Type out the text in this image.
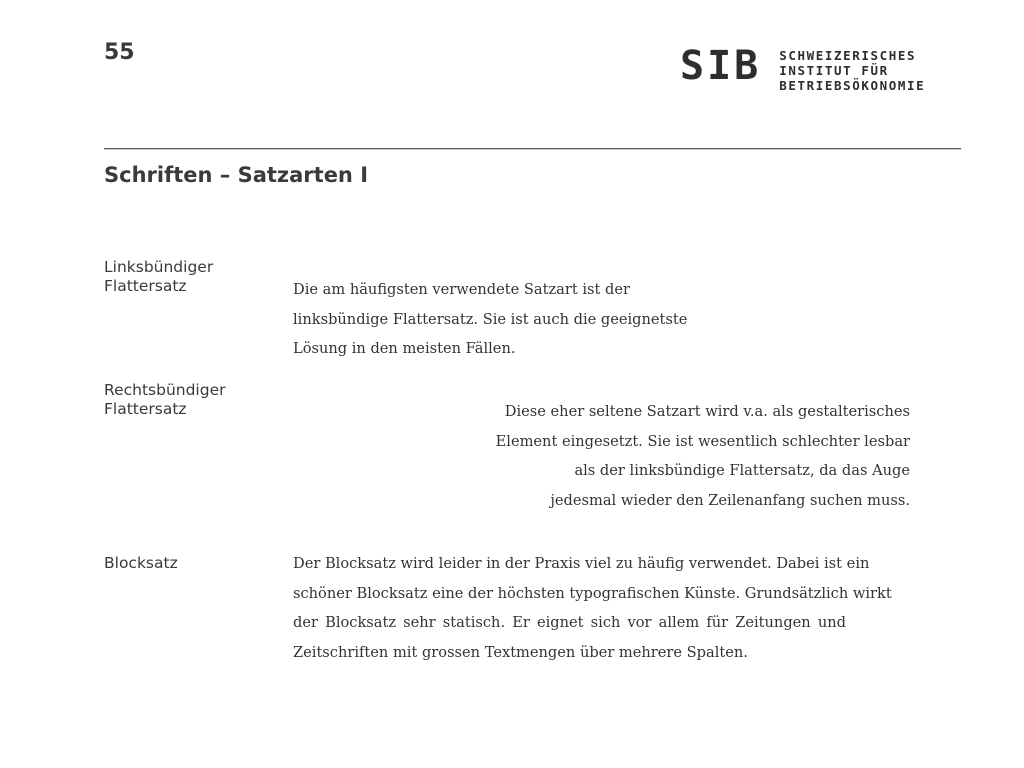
55	SIB SCHWEIZERISCHES
INSTITUT FÜR
BETRIEBSÖKONOMIE
Schriften – Satzarten I
Linksbündiger
Flattersatz	Die am häufigsten verwendete Satzart ist der
linksbündige Flattersatz. Sie ist auch die geeignetste
Lösung in den meisten Fällen.
Rechtsbündiger
Flattersatz	Diese eher seltene Satzart wird v.a. als gestalterisches
Element eingesetzt. Sie ist wesentlich schlechter lesbar
als der linksbündige Flattersatz, da das Auge
jedesmal wieder den Zeilenanfang suchen muss.
Blocksatz	Der Blocksatz wird leider in der Praxis viel zu häufig verwendet. Dabei ist ein
schöner Blocksatz eine der höchsten typografischen Künste. Grundsätzlich wirkt
der Blocksatz sehr statisch. Er eignet sich vor allem für Zeitungen und
Zeitschriften mit grossen Textmengen über mehrere Spalten.
